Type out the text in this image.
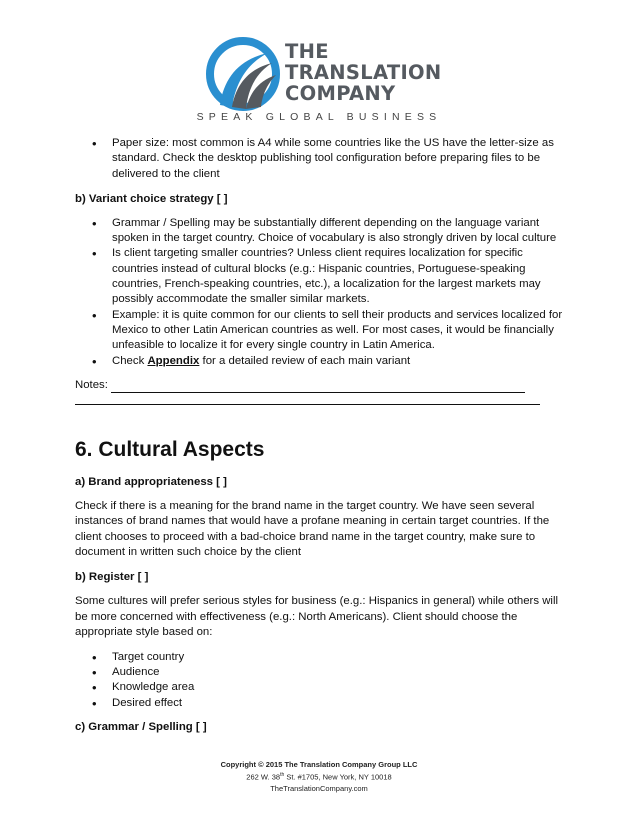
THE
TRANSLATION
COMPANY
SPEAK GLOBAL BUSINESS
• Paper size: most common is A4 while some countries like the US have the letter-size as standard. Check the desktop publishing tool configuration before preparing files to be delivered to the client

b) Variant choice strategy [ ]

• Grammar / Spelling may be substantially different depending on the language variant spoken in the target country. Choice of vocabulary is also strongly driven by local culture
• Is client targeting smaller countries? Unless client requires localization for specific countries instead of cultural blocks (e.g.: Hispanic countries, Portuguese-speaking countries, French-speaking countries, etc.), a localization for the largest markets may possibly accommodate the smaller similar markets.
• Example: it is quite common for our clients to sell their products and services localized for Mexico to other Latin American countries as well. For most cases, it would be financially unfeasible to localize it for every single country in Latin America.
• Check Appendix for a detailed review of each main variant
Notes:
6. Cultural Aspects

a) Brand appropriateness [ ]

Check if there is a meaning for the brand name in the target country. We have seen several instances of brand names that would have a profane meaning in certain target countries. If the client chooses to proceed with a bad-choice brand name in the target country, make sure to document in written such choice by the client

b) Register [ ]

Some cultures will prefer serious styles for business (e.g.: Hispanics in general) while others will be more concerned with effectiveness (e.g.: North Americans). Client should choose the appropriate style based on:

• Target country
• Audience
• Knowledge area
• Desired effect

c) Grammar / Spelling [ ]

Copyright © 2015 The Translation Company Group LLC
262 W. 38th St. #1705, New York, NY 10018
TheTranslationCompany.com
